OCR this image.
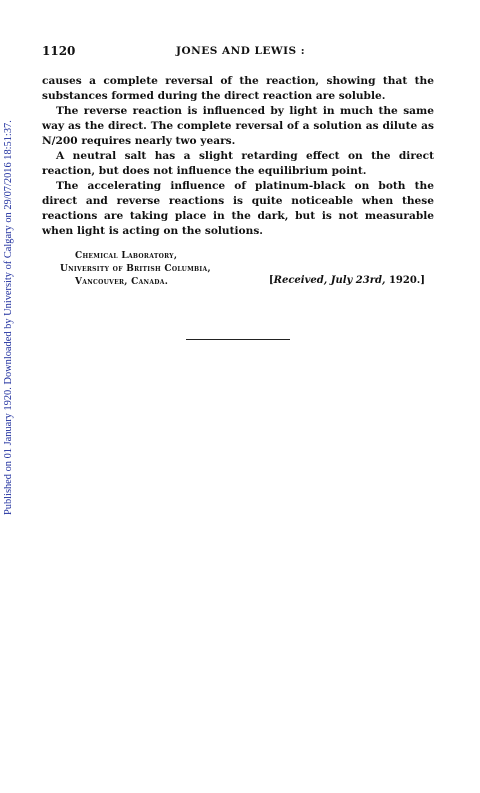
Published on 01 January 1920. Downloaded by University of Calgary on 29/07/2016 18:51:37.
1120	JONES AND LEWIS :

causes a complete reversal of the reaction, showing that the substances formed during the direct reaction are soluble.

The reverse reaction is influenced by light in much the same way as the direct. The complete reversal of a solution as dilute as N/200 requires nearly two years.

A neutral salt has a slight retarding effect on the direct reaction, but does not influence the equilibrium point.

The accelerating influence of platinum-black on both the direct and reverse reactions is quite noticeable when these reactions are taking place in the dark, but is not measurable when light is acting on the solutions.

Chemical Laboratory,
University of British Columbia,
Vancouver, Canada.	[Received, July 23rd, 1920.]
